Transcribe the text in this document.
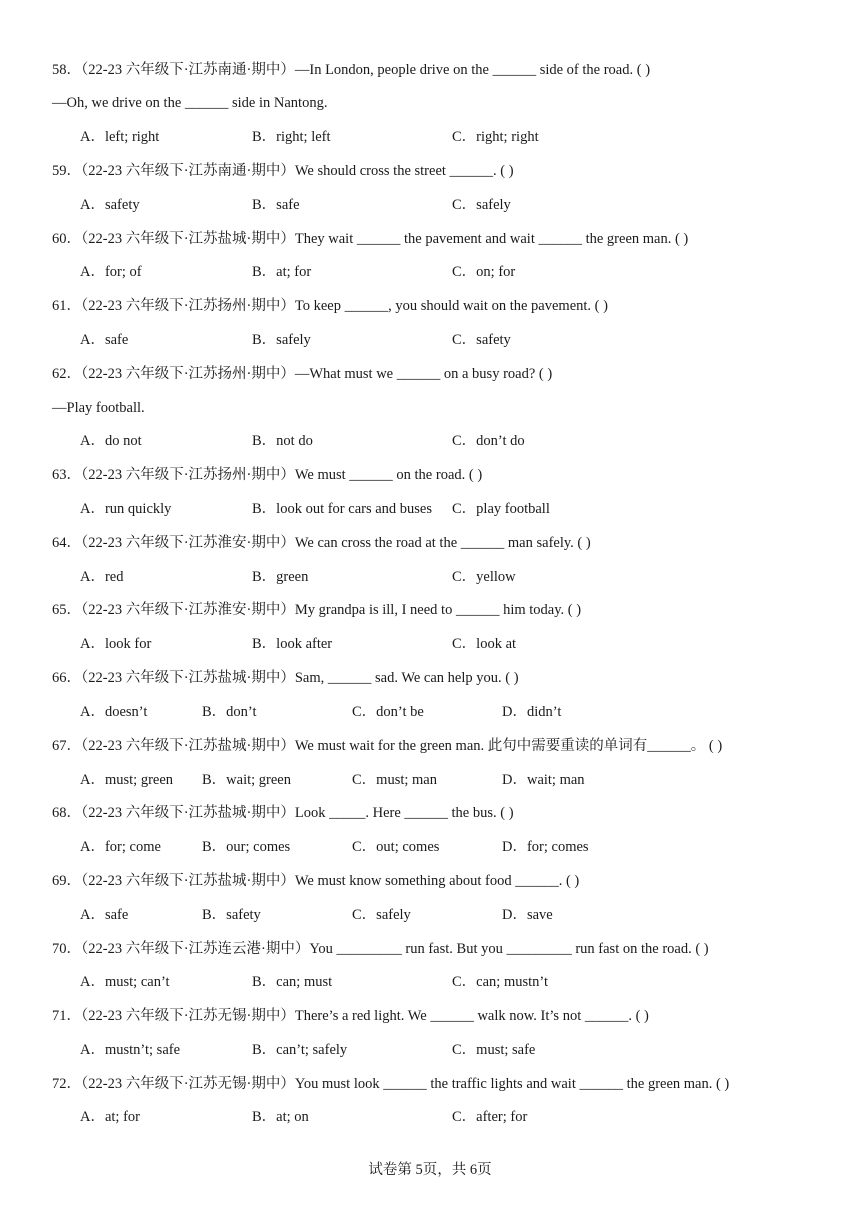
58．（22-23 六年级下·江苏南通·期中）—In London, people drive on the ______ side of the road. ( )
—Oh, we drive on the ______ side in Nantong.
A．left; right	B．right; left	C．right; right
59．（22-23 六年级下·江苏南通·期中）We should cross the street ______. ( )
A．safety	B．safe	C．safely
60．（22-23 六年级下·江苏盐城·期中）They wait ______ the pavement and wait ______ the green man. ( )
A．for; of	B．at; for	C．on; for
61．（22-23 六年级下·江苏扬州·期中）To keep ______, you should wait on the pavement. ( )
A．safe	B．safely	C．safety
62．（22-23 六年级下·江苏扬州·期中）—What must we ______ on a busy road? ( )
—Play football.
A．do not	B．not do	C．don’t do
63．（22-23 六年级下·江苏扬州·期中）We must ______ on the road. ( )
A．run quickly	B．look out for cars and buses C．play football
64．（22-23 六年级下·江苏淮安·期中）We can cross the road at the ______ man safely. ( )
A．red	B．green	C．yellow
65．（22-23 六年级下·江苏淮安·期中）My grandpa is ill, I need to ______ him today. ( )
A．look for	B．look after	C．look at
66．（22-23 六年级下·江苏盐城·期中）Sam, ______ sad. We can help you. ( )
A．doesn’t	B．don’t	C．don’t be	D．didn’t
67．（22-23 六年级下·江苏盐城·期中）We must wait for the green man. 此句中需要重读的单词有______。 ( )
A．must; green B．wait; green	C．must; man	D．wait; man
68．（22-23 六年级下·江苏盐城·期中）Look _____. Here ______ the bus. ( )
A．for; come	B．our; comes	C．out; comes	D．for; comes
69．（22-23 六年级下·江苏盐城·期中）We must know something about food ______. ( )
A．safe	B．safety	C．safely	D．save
70．（22-23 六年级下·江苏连云港·期中）You _________ run fast. But you _________ run fast on the road. ( )
A．must; can’t	B．can; must	C．can; mustn’t
71．（22-23 六年级下·江苏无锡·期中）There’s a red light. We ______ walk now. It’s not ______. ( )
A．mustn’t; safe	B．can’t; safely	C．must; safe
72．（22-23 六年级下·江苏无锡·期中）You must look ______ the traffic lights and wait ______ the green man. ( )
A．at; for	B．at; on	C．after; for
试卷第 5页，共 6页
